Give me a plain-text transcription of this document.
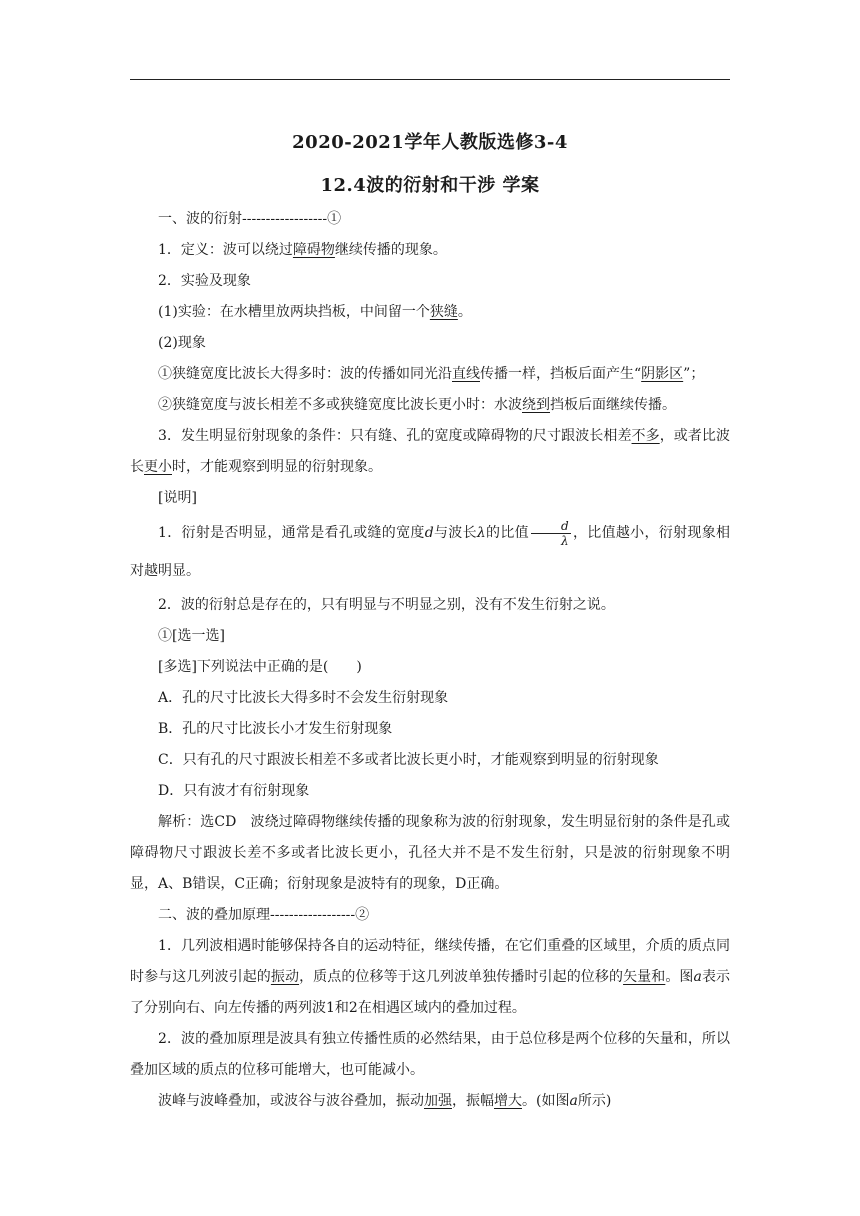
2020-2021学年人教版选修3-4
12.4波的衍射和干涉 学案

一、波的衍射------------------①

1．定义：波可以绕过障碍物继续传播的现象。

2．实验及现象

(1)实验：在水槽里放两块挡板，中间留一个狭缝。

(2)现象

①狭缝宽度比波长大得多时：波的传播如同光沿直线传播一样，挡板后面产生“阴影区”；

②狭缝宽度与波长相差不多或狭缝宽度比波长更小时：水波绕到挡板后面继续传播。

3．发生明显衍射现象的条件：只有缝、孔的宽度或障碍物的尺寸跟波长相差不多，或者比波长更小时，才能观察到明显的衍射现象。

[说明]

1．衍射是否明显，通常是看孔或缝的宽度d与波长λ的比值 $\frac{d}{\lambda}$ ，比值越小，衍射现象相对越明显。

2．波的衍射总是存在的，只有明显与不明显之别，没有不发生衍射之说。

①[选一选]

[多选]下列说法中正确的是( )

A．孔的尺寸比波长大得多时不会发生衍射现象

B．孔的尺寸比波长小才发生衍射现象

C．只有孔的尺寸跟波长相差不多或者比波长更小时，才能观察到明显的衍射现象

D．只有波才有衍射现象

解析：选CD　波绕过障碍物继续传播的现象称为波的衍射现象，发生明显衍射的条件是孔或障碍物尺寸跟波长差不多或者比波长更小，孔径大并不是不发生衍射，只是波的衍射现象不明显，A、B错误，C正确；衍射现象是波特有的现象，D正确。

二、波的叠加原理------------------②

1．几列波相遇时能够保持各自的运动特征，继续传播，在它们重叠的区域里，介质的质点同时参与这几列波引起的振动，质点的位移等于这几列波单独传播时引起的位移的矢量和。图a表示了分别向右、向左传播的两列波1和2在相遇区域内的叠加过程。

2．波的叠加原理是波具有独立传播性质的必然结果，由于总位移是两个位移的矢量和，所以叠加区域的质点的位移可能增大，也可能减小。

波峰与波峰叠加，或波谷与波谷叠加，振动加强，振幅增大。(如图a所示)
